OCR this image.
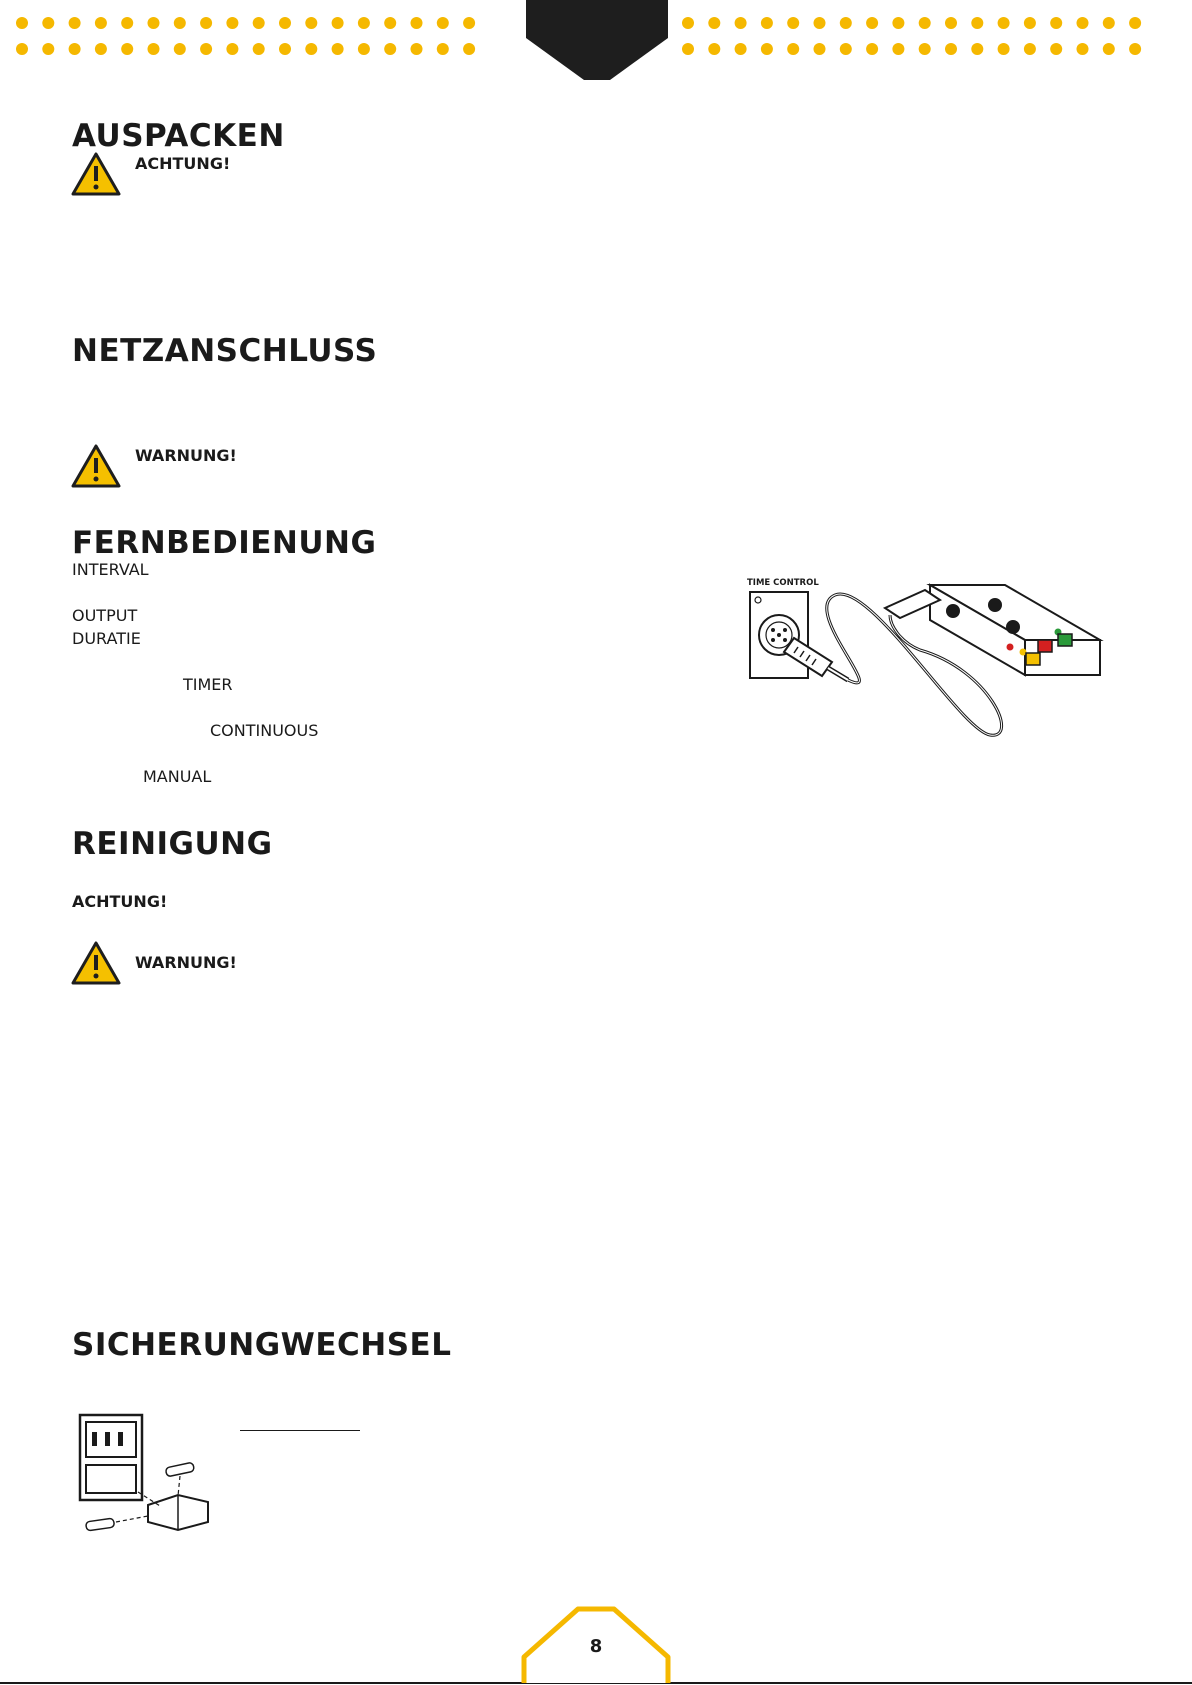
AUSPACKEN
ACHTUNG!
NETZANSCHLUSS
WARNUNG!
FERNBEDIENUNG
INTERVAL
OUTPUT
DURATIE
TIMER
CONTINUOUS
MANUAL
TIME CONTROL
REINIGUNG
ACHTUNG!
WARNUNG!
SICHERUNGWECHSEL
8
